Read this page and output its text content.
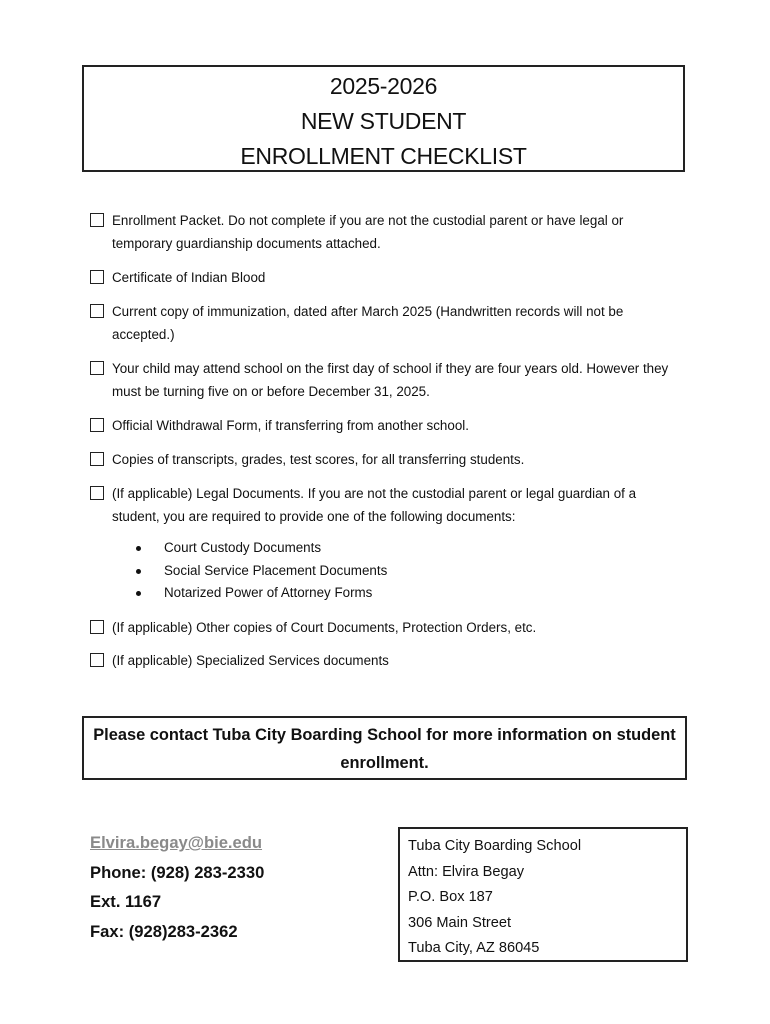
2025-2026
NEW STUDENT
ENROLLMENT CHECKLIST
Enrollment Packet. Do not complete if you are not the custodial parent or have legal or temporary guardianship documents attached.
Certificate of Indian Blood
Current copy of immunization, dated after March 2025 (Handwritten records will not be accepted.)
Your child may attend school on the first day of school if they are four years old. However they must be turning five on or before December 31, 2025.
Official Withdrawal Form, if transferring from another school.
Copies of transcripts, grades, test scores, for all transferring students.
(If applicable) Legal Documents. If you are not the custodial parent or legal guardian of a student, you are required to provide one of the following documents:
Court Custody Documents
Social Service Placement Documents
Notarized Power of Attorney Forms
(If applicable) Other copies of Court Documents, Protection Orders, etc.
(If applicable) Specialized Services documents
Please contact Tuba City Boarding School for more information on student enrollment.
Elvira.begay@bie.edu
Phone: (928) 283-2330
Ext. 1167
Fax: (928)283-2362
Tuba City Boarding School
Attn: Elvira Begay
P.O. Box 187
306 Main Street
Tuba City, AZ 86045
